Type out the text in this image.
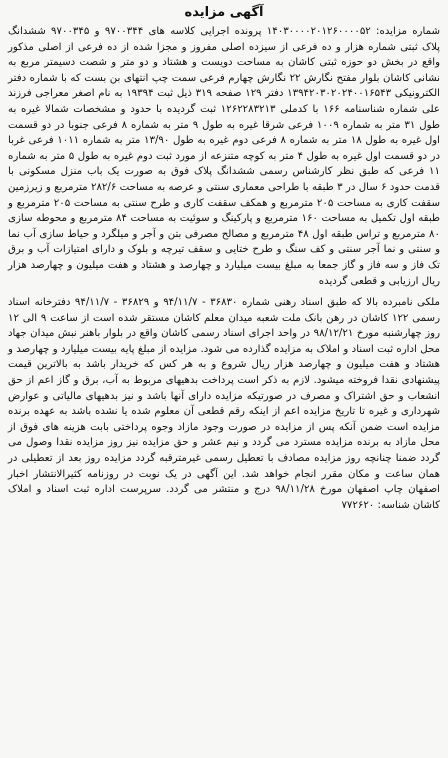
آگهی مزایده

شماره مزایده: ۱۴۰۳۰۰۰۰۲۰۱۲۶۰۰۰۰۵۲ پرونده اجرایی کلاسه های ۹۷۰۰۳۴۴ و ۹۷۰۰۳۴۵ ششدانگ پلاک ثبتی شماره هزار و ده فرعی از سیزده اصلی مفروز و مجزا شده از ده فرعی از اصلی مذکور واقع در بخش دو حوزه ثبتی کاشان به مساحت دویست و هشتاد و دو متر و شصت دسیمتر مربع به نشانی کاشان بلوار مفتح نگارش ۲۲ نگارش چهارم فرعی سمت چپ انتهای بن بست که با شماره دفتر الکترونیکی ۱۳۹۴۲۰۳۰۲۰۲۴۰۰۱۶۵۴۳ دفتر ۱۲۹ صفحه ۳۱۹ ذیل ثبت ۱۹۳۹۴ به نام اصغر معراجی فرزند علی شماره شناسنامه ۱۶۶ با کدملی ۱۲۶۲۲۸۳۲۱۳ ثبت گردیده با حدود و مشخصات شمالا غیره به طول ۳۱ متر به شماره ۱۰۰۹ فرعی شرقا غیره به طول ۹ متر به شماره ۸ فرعی جنوبا در دو قسمت اول غیره به طول ۱۸ متر به شماره ۸ فرعی دوم غیره به طول ۱۳/۹۰ متر به شماره ۱۰۱۱ فرعی غربا در دو قسمت اول غیره به طول ۴ متر به کوچه متنزعه از مورد ثبت دوم غیره به طول ۵ متر به شماره ۱۱ فرعی که طبق نظر کارشناس رسمی ششدانگ پلاک فوق به صورت یک باب منزل مسکونی با قدمت حدود ۶ سال در ۳ طبقه با طراحی معماری سنتی و عرصه به مساحت ۲۸۲/۶ مترمربع و زیرزمین سقفت کاری به مساحت ۲۰۵ مترمربع و همکف سقفت کاری و طرح سنتی به مساحت ۲۰۵ مترمربع و طبقه اول تکمیل به مساحت ۱۶۰ مترمربع و پارکینگ و سوئیت به مساحت ۸۴ مترمربع و محوطه سازی ۸۰ مترمربع و تراس طبقه اول ۴۸ مترمربع و مصالح مصرفی بتن و آجر و میلگرد و حیاط سازی آب نما و سنتی و نما آجر سنتی و کف سنگ و طرح ختایی و سقف تیرچه و بلوک و دارای امتیازات آب و برق تک فاز و سه فاز و گاز جمعا به مبلغ بیست میلیارد و چهارصد و هشتاد و هفت میلیون و چهارصد هزار ریال ارزیابی و قطعی گردیده

ملکی نامبرده بالا که طبق اسناد رهنی شماره ۳۶۸۳۰ - ۹۴/۱۱/۷ و ۳۶۸۲۹ - ۹۴/۱۱/۷ دفترخانه اسناد رسمی ۱۲۲ کاشان در رهن بانک ملت شعبه میدان معلم کاشان مستقر شده است از ساعت ۹ الی ۱۲ روز چهارشنبه مورخ ۹۸/۱۲/۲۱ در واحد اجرای اسناد رسمی کاشان واقع در بلوار باهنر نبش میدان جهاد محل اداره ثبت اسناد و املاک به مزایده گذارده می شود. مزایده از مبلغ پایه بیست میلیارد و چهارصد و هشتاد و هفت میلیون و چهارصد هزار ریال شروع و به هر کس که خریدار باشد به بالاترین قیمت پیشنهادی نقدا فروخته میشود. لازم به ذکر است پرداخت بدهیهای مربوط به آب، برق و گاز اعم از حق انشعاب و حق اشتراک و مصرف در صورتیکه مزایده دارای آنها باشد و نیز بدهیهای مالیاتی و عوارض شهرداری و غیره تا تاریخ مزایده اعم از اینکه رقم قطعی آن معلوم شده یا نشده باشد به عهده برنده مزایده است ضمن آنکه پس از مزایده در صورت وجود مازاد وجوه پرداختی بابت هزینه های فوق از محل مازاد به برنده مزایده مسترد می گردد و نیم عشر و حق مزایده نیز روز مزایده نقدا وصول می گردد ضمنا چنانچه روز مزایده مصادف با تعطیل رسمی غیرمترقبه گردد مزایده روز بعد از تعطیلی در همان ساعت و مکان مقرر انجام خواهد شد. این آگهی در یک نوبت در روزنامه کثیرالانتشار اخبار اصفهان چاپ اصفهان مورخ ۹۸/۱۱/۲۸ درج و منتشر می گردد. سرپرست اداره ثبت اسناد و املاک کاشان شناسه: ۷۷۲۶۲۰
